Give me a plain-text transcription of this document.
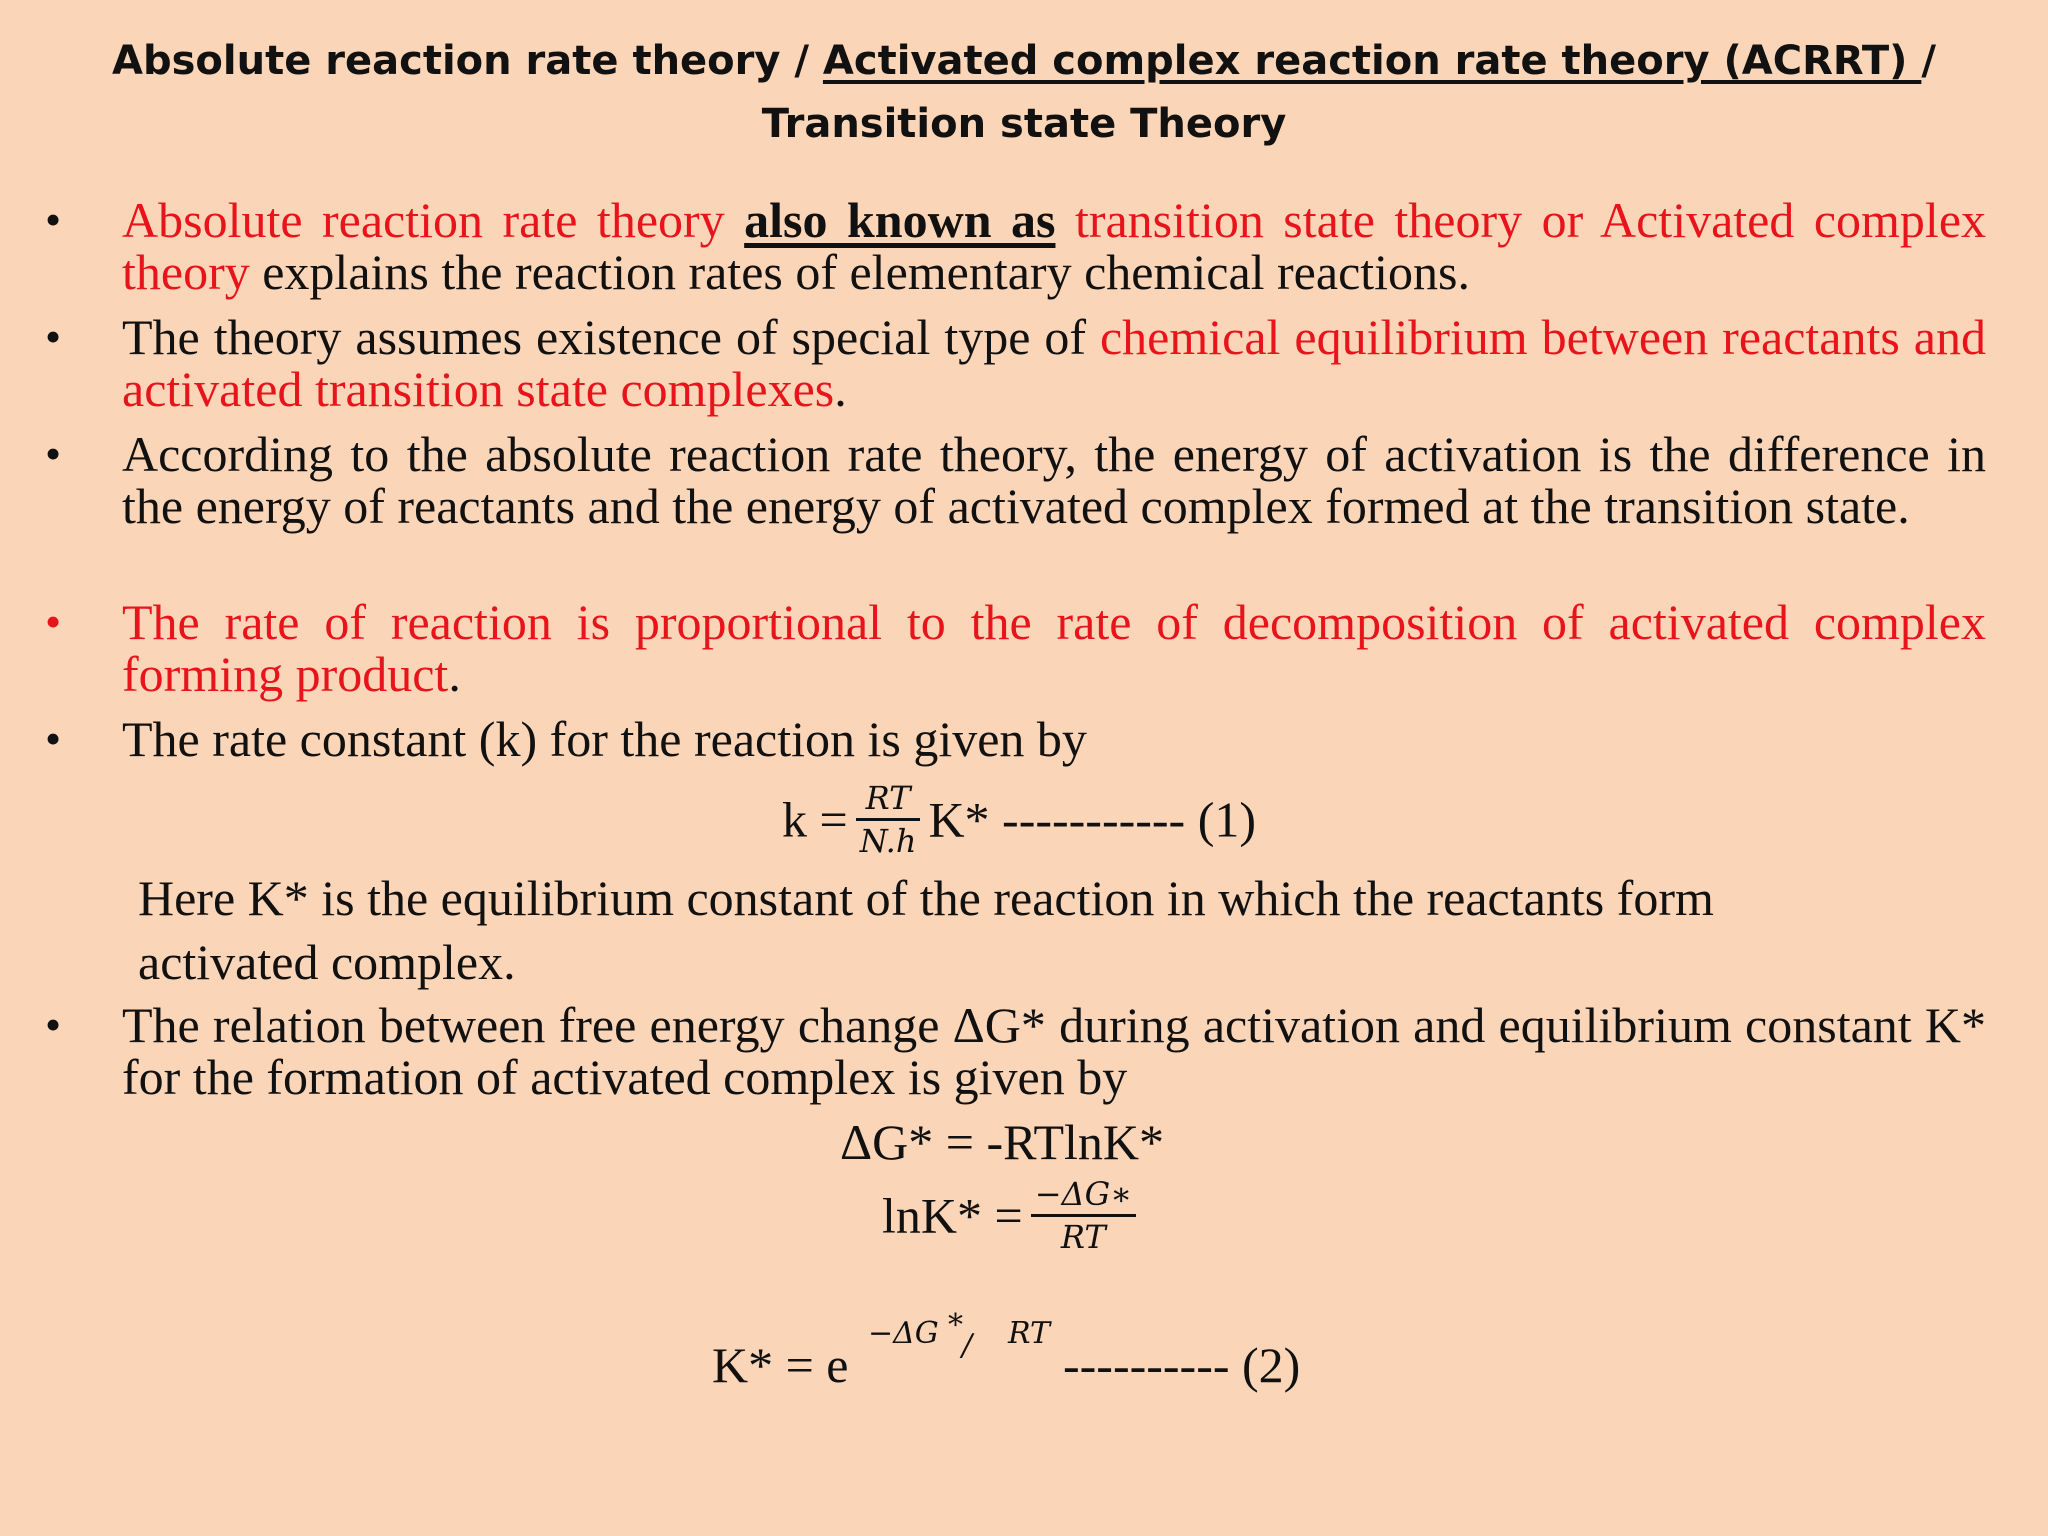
Absolute reaction rate theory / Activated complex reaction rate theory (ACRRT) / Transition state Theory
• Absolute reaction rate theory also known as transition state theory or Activated complex theory explains the reaction rates of elementary chemical reactions.
• The theory assumes existence of special type of chemical equilibrium between reactants and activated transition state complexes.
• According to the absolute reaction rate theory, the energy of activation is the difference in the energy of reactants and the energy of activated complex formed at the transition state.
• The rate of reaction is proportional to the rate of decomposition of activated complex forming product.
• The rate constant (k) for the reaction is given by
$k = \frac{RT}{N.h} K*$ ----------- (1)
Here K* is the equilibrium constant of the reaction in which the reactants form
activated complex.
• The relation between free energy change ΔG* during activation and equilibrium constant K* for the formation of activated complex is given by
ΔG* = -RTlnK*
$\ln K* = \frac{-\Delta G∗}{RT}$
K* = e
−ΔG *
/ RT
---------- (2)
